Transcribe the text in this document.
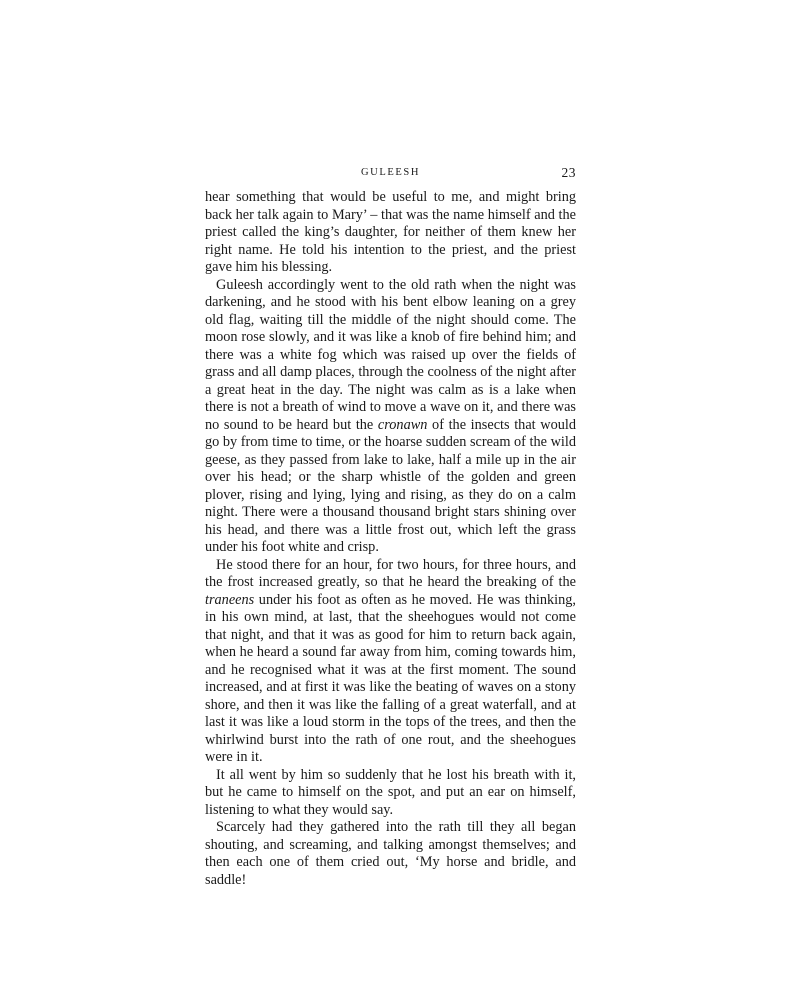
GULEESH	23

hear something that would be useful to me, and might bring back her talk again to Mary’ – that was the name himself and the priest called the king’s daughter, for neither of them knew her right name. He told his intention to the priest, and the priest gave him his blessing.

Guleesh accordingly went to the old rath when the night was darkening, and he stood with his bent elbow leaning on a grey old flag, waiting till the middle of the night should come. The moon rose slowly, and it was like a knob of fire behind him; and there was a white fog which was raised up over the fields of grass and all damp places, through the coolness of the night after a great heat in the day. The night was calm as is a lake when there is not a breath of wind to move a wave on it, and there was no sound to be heard but the cronawn of the insects that would go by from time to time, or the hoarse sudden scream of the wild geese, as they passed from lake to lake, half a mile up in the air over his head; or the sharp whistle of the golden and green plover, rising and lying, lying and rising, as they do on a calm night. There were a thousand thousand bright stars shining over his head, and there was a little frost out, which left the grass under his foot white and crisp.

He stood there for an hour, for two hours, for three hours, and the frost increased greatly, so that he heard the breaking of the traneens under his foot as often as he moved. He was thinking, in his own mind, at last, that the sheehogues would not come that night, and that it was as good for him to return back again, when he heard a sound far away from him, coming towards him, and he recognised what it was at the first moment. The sound increased, and at first it was like the beating of waves on a stony shore, and then it was like the falling of a great waterfall, and at last it was like a loud storm in the tops of the trees, and then the whirlwind burst into the rath of one rout, and the sheehogues were in it.

It all went by him so suddenly that he lost his breath with it, but he came to himself on the spot, and put an ear on himself, listening to what they would say.

Scarcely had they gathered into the rath till they all began shouting, and screaming, and talking amongst themselves; and then each one of them cried out, ‘My horse and bridle, and saddle!
